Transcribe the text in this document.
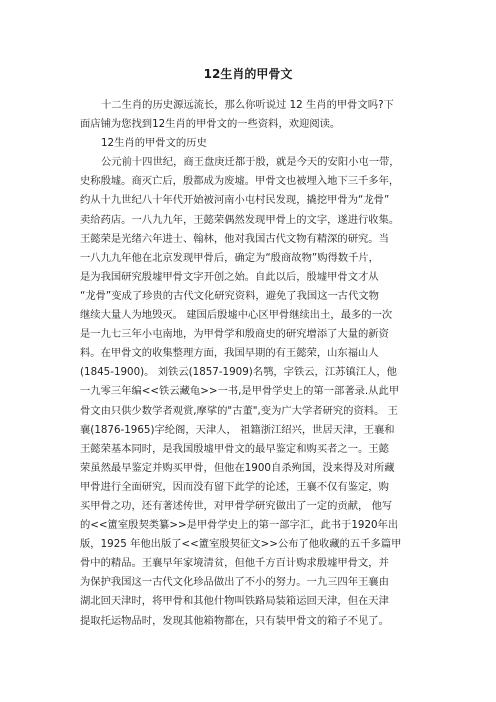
12生肖的甲骨文
十二生肖的历史源远流长，那么你听说过 12 生肖的甲骨文吗?下
面店铺为您找到12生肖的甲骨文的一些资料，欢迎阅读。
12生肖的甲骨文的历史
公元前十四世纪，商王盘庚迁都于殷，就是今天的安阳小屯一带，
史称殷墟。商灭亡后，殷都成为废墟。甲骨文也被埋入地下三千多年，
约从十九世纪八十年代开始被河南小屯村民发现，撬挖甲骨为“龙骨”
卖给药店。一八九九年，王懿荣偶然发现甲骨上的文字，遂进行收集。
王懿荣是光绪六年进士、翰林，他对我国古代文物有精深的研究。当
一八九九年他在北京发现甲骨后，确定为“殷商故物”购得数千片，
是为我国研究殷墟甲骨文字开创之始。自此以后，殷墟甲骨文才从
“龙骨”变成了珍贵的古代文化研究资料，避免了我国这一古代文物
继续大量人为地毁灭。 建国后殷墟中心区甲骨继续出土，最多的一次
是一九七三年小屯南地，为甲骨学和殷商史的研究增添了大量的新资
料。在甲骨文的收集整理方面，我国早期的有王懿荣，山东福山人
(1845-1900)。 刘铁云(1857-1909)名鹗，字铁云，江苏镇江人，他
一九零三年编<<铁云藏龟>>一书,是甲骨学史上的第一部著录.从此甲
骨文由只供少数学者观赏,摩挲的"古董",变为广大学者研究的资料。 王
襄(1876-1965)字纶阁，天津人， 祖籍浙江绍兴，世居天津，王襄和
王懿荣基本同时，是我国殷墟甲骨文的最早鉴定和购买者之一。王懿
荣虽然最早鉴定并购买甲骨，但他在1900自杀殉国，没来得及对所藏
甲骨进行全面研究，因而没有留下此学的论述，王襄不仅有鉴定，购
买甲骨之功，还有著述传世，对甲骨学研究做出了一定的贡献， 他写
的<<簠室殷契类纂>>是甲骨学史上的第一部字汇，此书于1920年出
版，1925 年他出版了<<簠室殷契征文>>公布了他收藏的五千多篇甲
骨中的精品。王襄早年家境清贫，但他千方百计购求殷墟甲骨文，并
为保护我国这一古代文化珍品做出了不小的努力。一九三四年王襄由
湖北回天津时，将甲骨和其他什物叫铁路局装箱运回天津，但在天津
提取托运物品时，发现其他箱物都在，只有装甲骨文的箱子不见了。
